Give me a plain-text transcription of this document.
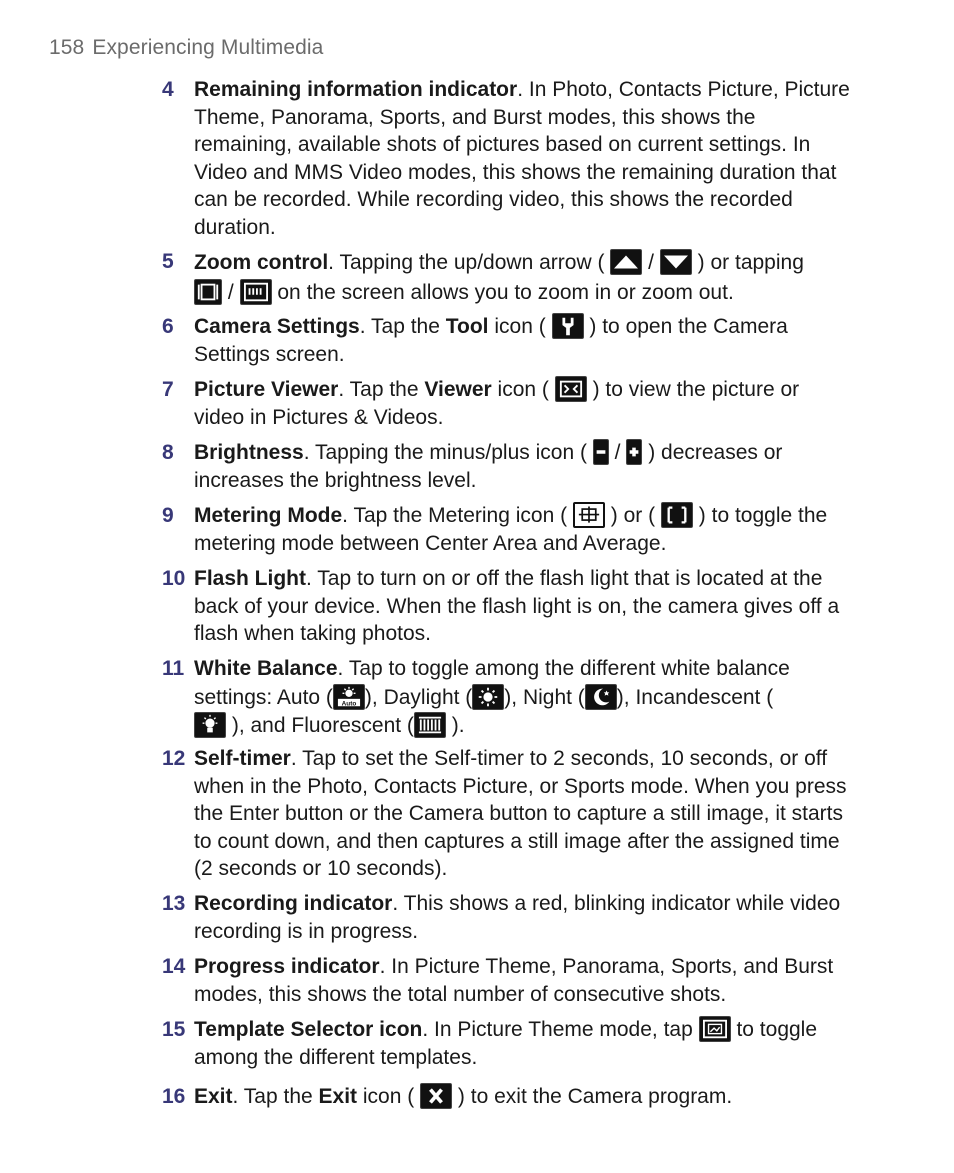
158 Experiencing Multimedia
4 Remaining information indicator. In Photo, Contacts Picture, Picture Theme, Panorama, Sports, and Burst modes, this shows the remaining, available shots of pictures based on current settings. In Video and MMS Video modes, this shows the remaining duration that can be recorded. While recording video, this shows the recorded duration.
5 Zoom control. Tapping the up/down arrow ( / ) or tapping

/ on the screen allows you to zoom in or zoom out.
6 Camera Settings. Tap the Tool icon ( ) to open the Camera Settings screen.
7 Picture Viewer. Tap the Viewer icon ( ) to view the picture or video in Pictures & Videos.
8 Brightness. Tapping the minus/plus icon ( / ) decreases or increases the brightness level.
9 Metering Mode. Tap the Metering icon ( ) or ( ) to toggle the metering mode between Center Area and Average.
10 Flash Light. Tap to turn on or off the flash light that is located at the back of your device. When the flash light is on, the camera gives off a flash when taking photos.
11 White Balance. Tap to toggle among the different white balance settings: Auto ( Auto ), Daylight ( ), Night ( ), Incandescent (

), and Fluorescent ( ).
12 Self-timer. Tap to set the Self-timer to 2 seconds, 10 seconds, or off when in the Photo, Contacts Picture, or Sports mode. When you press the Enter button or the Camera button to capture a still image, it starts to count down, and then captures a still image after the assigned time (2 seconds or 10 seconds).
13 Recording indicator. This shows a red, blinking indicator while video recording is in progress.
14 Progress indicator. In Picture Theme, Panorama, Sports, and Burst modes, this shows the total number of consecutive shots.
15 Template Selector icon. In Picture Theme mode, tap
to toggle among the different templates.
16 Exit. Tap the Exit icon ( ) to exit the Camera program.
